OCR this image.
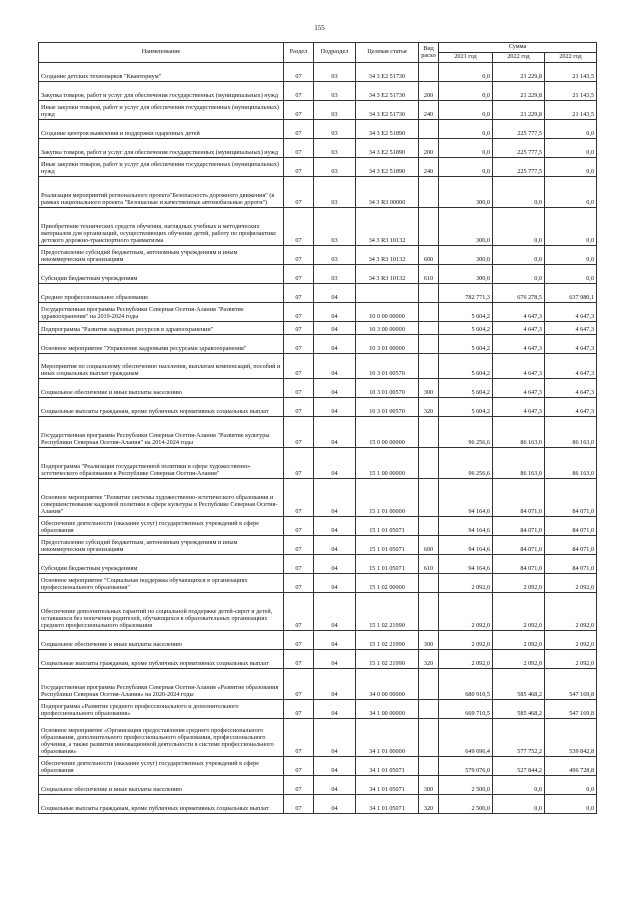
155
Наименование	Раздел	Подраздел	Целевая статья	Вид расхо	Сумма		
					2021 год	2022 год	2022 год
Создание детских технопарков "Кванториум"	07	03	34 3 E2 51730		0,0	21 229,8	21 143,5
Закупка товаров, работ и услуг для обеспечения государственных (муниципальных) нужд	07	03	34 3 E2 51730	200	0,0	21 229,8	21 143,5
Иные закупки товаров, работ и услуг для обеспечения государственных (муниципальных) нужд	07	03	34 3 E2 51730	240	0,0	21 229,8	21 143,5
Создание центров выявления и поддержки одаренных детей	07	03	34 3 E2 51890		0,0	225 777,5	0,0
Закупка товаров, работ и услуг для обеспечения государственных (муниципальных) нужд	07	03	34 3 E2 51890	200	0,0	225 777,5	0,0
Иные закупки товаров, работ и услуг для обеспечения государственных (муниципальных) нужд	07	03	34 3 E2 51890	240	0,0	225 777,5	0,0
Реализация мероприятий регионального проекта"Безопасность дорожного движения" (в рамках национального проекта "Безопасные и качественные автомобильные дороги")	07	03	34 3 R3 00000		300,0	0,0	0,0
Приобретение технических средств обучения, наглядных учебных и методических материалов для организаций, осуществляющих обучение детей, работу по профилактике детского дорожно-транспортного травматизма	07	03	34 3 R3 10132		300,0	0,0	0,0
Предоставление субсидий бюджетным, автономным учреждениям и иным некоммерческим организациям	07	03	34 3 R3 10132	600	300,0	0,0	0,0
Субсидии бюджетным учреждениям	07	03	34 3 R3 10132	610	300,0	0,0	0,0
Среднее профессиональное образование	07	04			782 771,3	676 278,5	637 980,1
Государственная программа Республики Северная Осетия-Алания "Развитие здравоохранения" на 2019-2024 годы	07	04	10 0 00 00000		5 604,2	4 647,3	4 647,3
Подпрограмма "Развитие кадровых ресурсов в здравоохранении"	07	04	10 3 00 00000		5 604,2	4 647,3	4 647,3
Основное мероприятие "Управление кадровыми ресурсами здравоохранения"	07	04	10 3 01 00000		5 604,2	4 647,3	4 647,3
Мероприятия по социальному обеспечению населения, выплатам компенсаций, пособий и иных социальных выплат гражданам	07	04	10 3 01 00570		5 604,2	4 647,3	4 647,3
Социальное обеспечение и иные выплаты населению	07	04	10 3 01 00570	300	5 604,2	4 647,3	4 647,3
Социальные выплаты гражданам, кроме публичных нормативных социальных выплат	07	04	10 3 01 00570	320	5 604,2	4 647,3	4 647,3
Государственная программа Республики Северная Осетия-Алания "Развитие культуры Республики Северная Осетия-Алания" на 2014-2024 годы	07	04	15 0 00 00000		96 256,6	86 163,0	86 163,0
Подпрограмма "Реализация государственной политики в сфере художественно-эстетического образования в Республике Северная Осетия-Алания"	07	04	15 1 00 00000		96 256,6	86 163,0	86 163,0
Основное мероприятие "Развитие системы художественно-эстетического образования и совершенствование кадровой политики в сфере культуры в Республике Северная Осетия-Алания"	07	04	15 1 01 00000		94 164,6	84 071,0	84 071,0
Обеспечение деятельности (оказание услуг) государственных учреждений в сфере образования	07	04	15 1 01 05071		94 164,6	84 071,0	84 071,0
Предоставление субсидий бюджетным, автономным учреждениям и иным некоммерческим организациям	07	04	15 1 01 05071	600	94 164,6	84 071,0	84 071,0
Субсидии бюджетным учреждениям	07	04	15 1 01 05071	610	94 164,6	84 071,0	84 071,0
Основное мероприятие "Социальная поддержка обучающихся в организациях профессионального образования"	07	04	15 1 02 00000		2 092,0	2 092,0	2 092,0
Обеспечение дополнительных гарантий по социальной поддержке детей-сирот и детей, оставшихся без попечения родителей, обучающихся в образовательных организациях среднего профессионального образования	07	04	15 1 02 21990		2 092,0	2 092,0	2 092,0
Социальное обеспечение и иные выплаты населению	07	04	15 1 02 21990	300	2 092,0	2 092,0	2 092,0
Социальные выплаты гражданам, кроме публичных нормативных социальных выплат	07	04	15 1 02 21990	320	2 092,0	2 092,0	2 092,0
Государственная программа Республики Северная Осетия-Алания «Развитие образования Республики Северная Осетия-Алания» на 2020-2024 годы	07	04	34 0 00 00000		680 910,5	585 468,2	547 169,8
Подпрограмма «Развитие среднего профессионального и дополнительного профессионального образования»	07	04	34 1 00 00000		669 710,5	585 468,2	547 169,8
Основное мероприятие «Организация предоставления среднего профессионального образования, дополнительного профессионального образования, профессионального обучения, а также развития инновационной деятельности в системе профессионального образования»	07	04	34 1 01 00000		649 696,4	577 752,2	539 842,8
Обеспечение деятельности (оказание услуг) государственных учреждений в сфере образования	07	04	34 1 01 05071		579 076,0	527 844,2	496 728,8
Социальное обеспечение и иные выплаты населению	07	04	34 1 01 05071	300	2 500,0	0,0	0,0
Социальные выплаты гражданам, кроме публичных нормативных социальных выплат	07	04	34 1 01 05071	320	2 500,0	0,0	0,0
